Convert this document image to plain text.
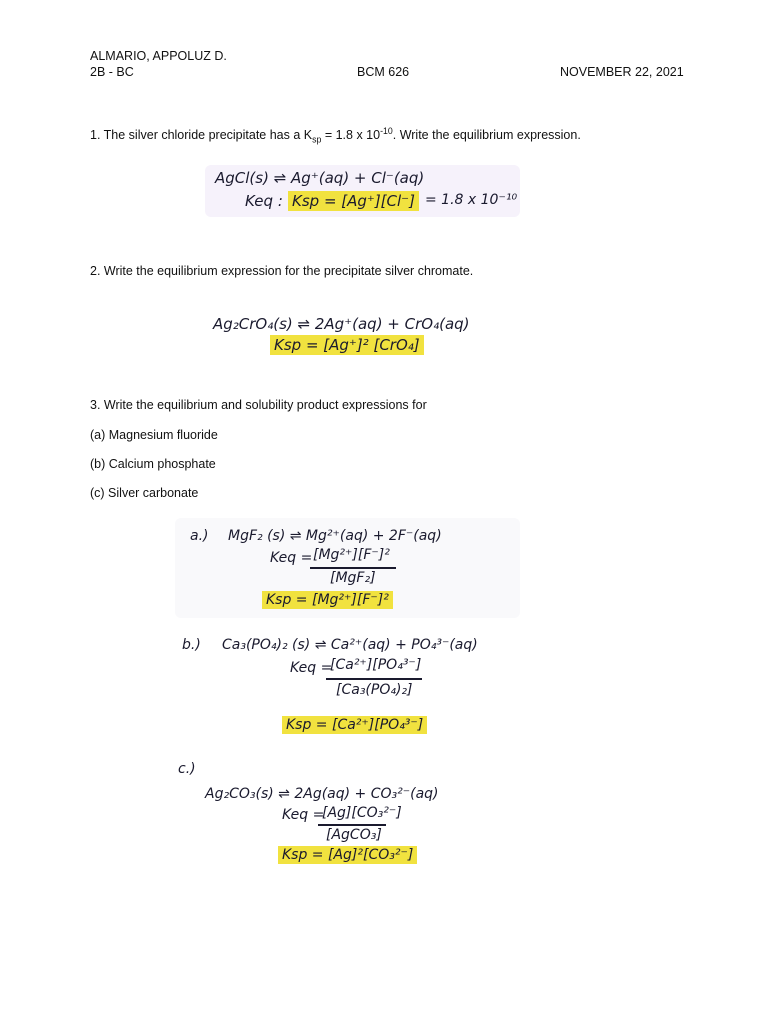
ALMARIO, APPOLUZ D.
2B - BC	BCM 626	NOVEMBER 22, 2021
1. The silver chloride precipitate has a $K_{sp} = 1.8$ x $10^{-10}$. Write the equilibrium expression.
AgCl(s) ⇌ Ag⁺(aq) + Cl⁻(aq)
Keq : Ksp = [Ag⁺][Cl⁻] = 1.8 x 10⁻¹⁰
2. Write the equilibrium expression for the precipitate silver chromate.
Ag₂CrO₄(s) ⇌ 2Ag⁺(aq) + CrO₄(aq)
Ksp = [Ag⁺]² [CrO₄]
3. Write the equilibrium and solubility product expressions for
(a) Magnesium fluoride
(b) Calcium phosphate
(c) Silver carbonate
a.) MgF₂ (s) ⇌ Mg²⁺(aq) + 2F⁻(aq)
Keq = [Mg²⁺][F⁻]²
[MgF₂]
Ksp = [Mg²⁺][F⁻]²
b.) Ca₃(PO₄)₂ (s) ⇌ Ca²⁺(aq) + PO₄³⁻(aq)
Keq =
[Ca²⁺][PO₄³⁻]
[Ca₃(PO₄)₂]
Ksp = [Ca²⁺][PO₄³⁻]
c.)
Ag₂CO₃(s) ⇌ 2Ag(aq) + CO₃²⁻(aq)
Keq =
[Ag][CO₃²⁻]
[AgCO₃]
Ksp = [Ag]²[CO₃²⁻]
